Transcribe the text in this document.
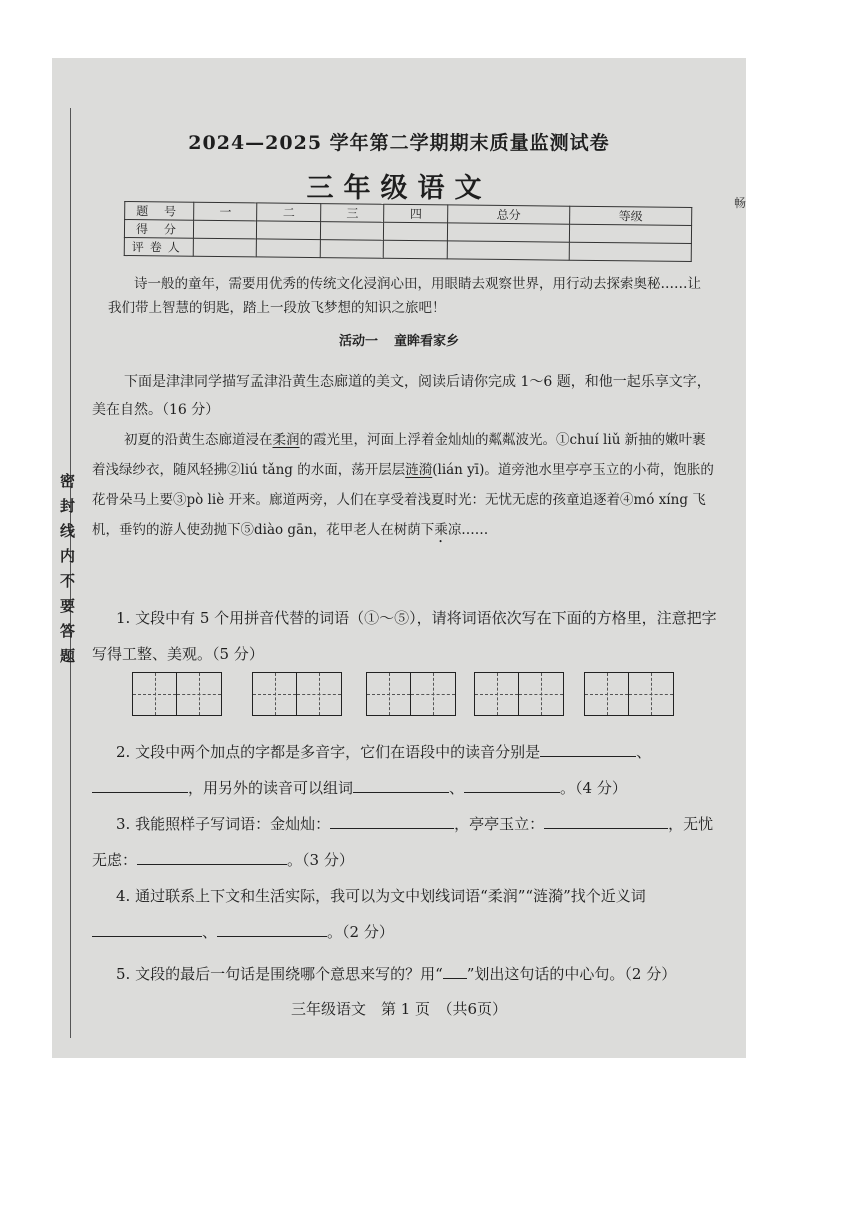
密封线内不要答题
畅
2024—2025 学年第二学期期末质量监测试卷
三年级语文
题 号	一	二	三	四	总分	等级
得 分						
评卷人						
诗一般的童年，需要用优秀的传统文化浸润心田，用眼睛去观察世界，用行动去探索奥秘……让我们带上智慧的钥匙，踏上一段放飞梦想的知识之旅吧！
活动一 童眸看家乡
下面是津津同学描写孟津沿黄生态廊道的美文，阅读后请你完成 1～6 题，和他一起乐享文字，美在自然。（16 分）
初夏的沿黄生态廊道浸在柔润的霞光里，河面上浮着金灿灿的粼粼波光。①chuí liǔ 新抽的嫩叶裹着浅绿纱衣，随风轻拂②liú tǎng 的水面，荡开层层涟漪(lián yī)。道旁池水里亭亭玉立的小荷，饱胀的花骨朵马上要③pò liè 开来。廊道两旁，人们在享受着浅夏时光：无忧无虑的孩童追逐着④mó xíng 飞机，垂钓的游人使劲抛下⑤diào gān，花甲老人在树荫下乘凉……
1. 文段中有 5 个用拼音代替的词语（①～⑤），请将词语依次写在下面的方格里，注意把字写得工整、美观。（5 分）
2. 文段中两个加点的字都是多音字，它们在语段中的读音分别是	、，用另外的读音可以组词	、	。（4 分）
3. 我能照样子写词语：金灿灿：	，亭亭玉立：	，无忧无虑：	。（3 分）
4. 通过联系上下文和生活实际，我可以为文中划线词语“柔润”“涟漪”找个近义词、	。（2 分）
5. 文段的最后一句话是围绕哪个意思来写的？用“ ”划出这句话的中心句。（2 分）
三年级语文　第 1 页　（共6页）
